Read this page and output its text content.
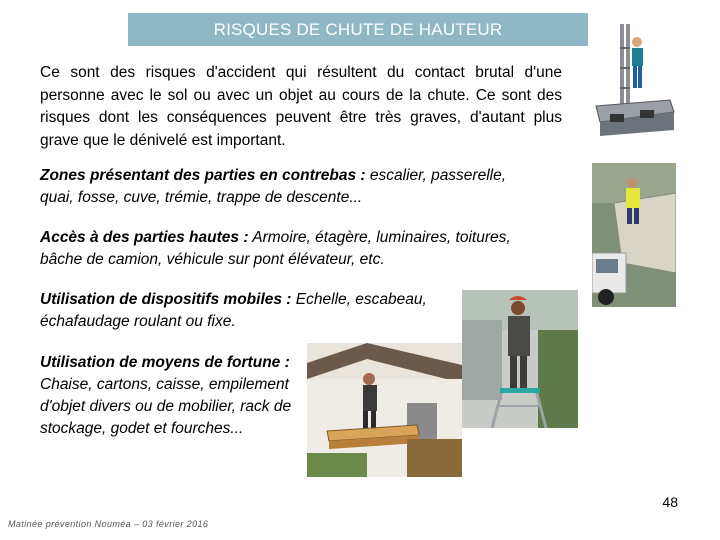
RISQUES DE CHUTE DE HAUTEUR
Ce sont des risques d'accident qui résultent du contact brutal d'une personne avec le sol ou avec un objet au cours de la chute. Ce sont des risques dont les conséquences peuvent être très graves, d'autant plus grave que le dénivelé est important.
Zones présentant des parties en contrebas : escalier, passerelle, quai, fosse, cuve, trémie, trappe de descente...
Accès à des parties hautes : Armoire, étagère, luminaires, toitures, bâche de camion, véhicule sur pont élévateur, etc.
Utilisation de dispositifs mobiles : Echelle, escabeau, échafaudage roulant ou fixe.
Utilisation de moyens de fortune : Chaise, cartons, caisse, empilement d'objet divers ou de mobilier, rack de stockage, godet et fourches...
48
Matinée prévention Nouméa – 03 février 2016
